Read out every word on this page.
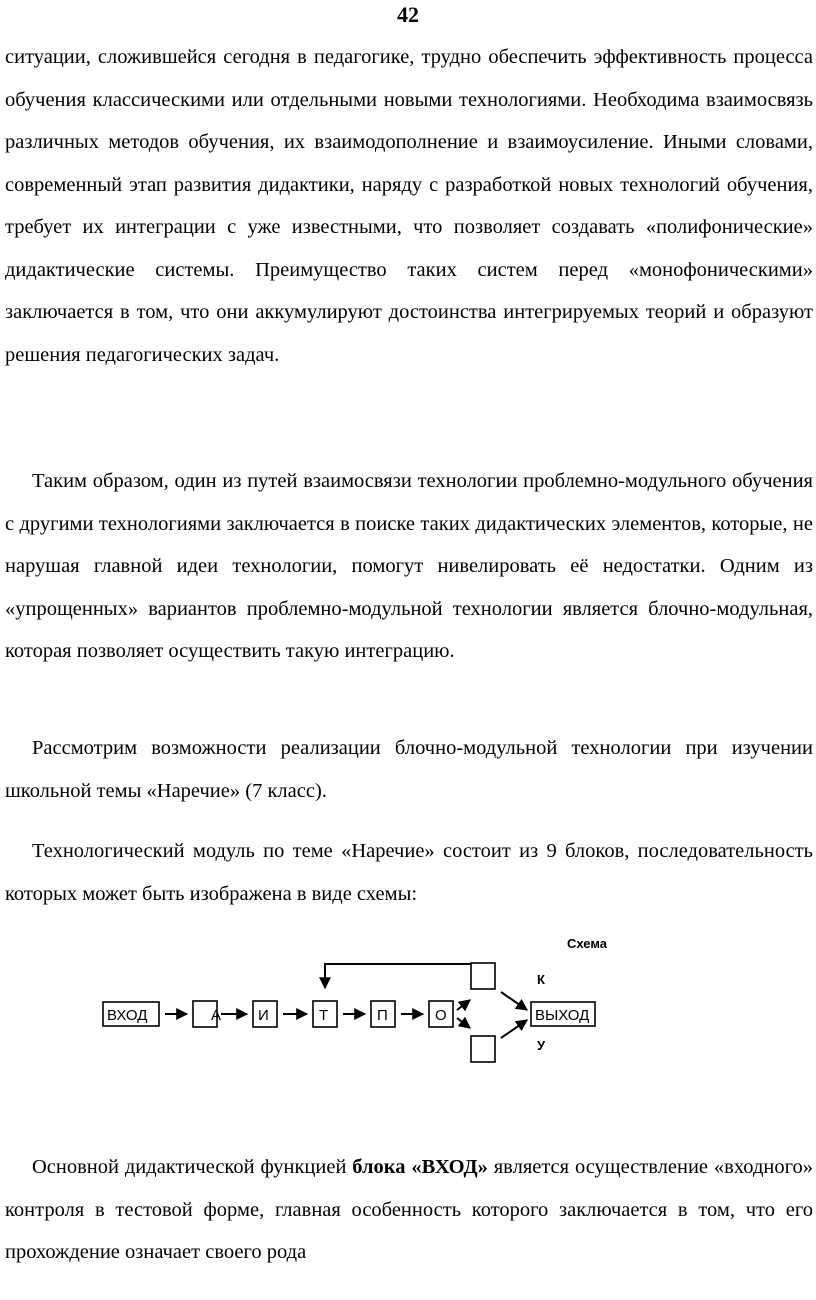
42

ситуации, сложившейся сегодня в педагогике, трудно обеспечить эффективность процесса обучения классическими или отдельными новыми технологиями. Необходима взаимосвязь различных методов обучения, их взаимодополнение и взаимоусиление. Иными словами, современный этап развития дидактики, наряду с разработкой новых технологий обучения, требует их интеграции с уже известными, что позволяет создавать «полифонические» дидактические системы. Преимущество таких систем перед «монофоническими» заключается в том, что они аккумулируют достоинства интегрируемых теорий и образуют решения педагогических задач.

Таким образом, один из путей взаимосвязи технологии проблемно-модульного обучения с другими технологиями заключается в поиске таких дидактических элементов, которые, не нарушая главной идеи технологии, помогут нивелировать её недостатки. Одним из «упрощенных» вариантов проблемно-модульной технологии является блочно-модульная, которая позволяет осуществить такую интеграцию.

Рассмотрим возможности реализации блочно-модульной технологии при изучении школьной темы «Наречие» (7 класс).

Технологический модуль по теме «Наречие» состоит из 9 блоков, последовательность которых может быть изображена в виде схемы:

Схема
ВХОД	А И	Т	П	О
К
У
ВЫХОД

Основной дидактической функцией блока «ВХОД» является осуществление «входного» контроля в тестовой форме, главная особенность которого заключается в том, что его прохождение означает своего рода
